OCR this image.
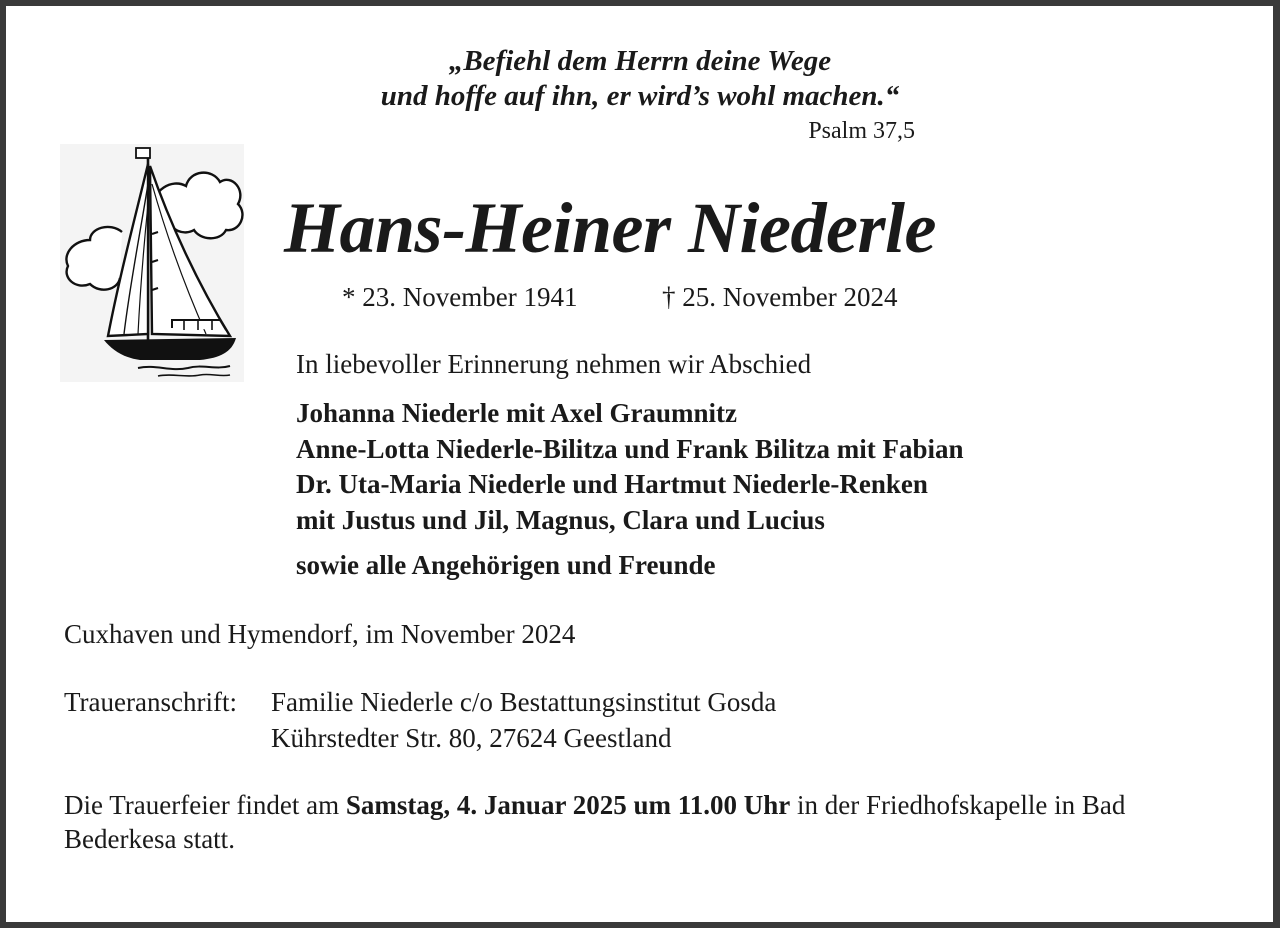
„Befiehl dem Herrn deine Wege
und hoffe auf ihn, er wird’s wohl machen.“
Psalm 37,5
Hans-Heiner Niederle
* 23. November 1941	† 25. November 2024
In liebevoller Erinnerung nehmen wir Abschied
Johanna Niederle mit Axel Graumnitz
Anne-Lotta Niederle-Bilitza und Frank Bilitza mit Fabian
Dr. Uta-Maria Niederle und Hartmut Niederle-Renken
mit Justus und Jil, Magnus, Clara und Lucius
sowie alle Angehörigen und Freunde
Cuxhaven und Hymendorf, im November 2024
Traueranschrift: Familie Niederle c/o Bestattungsinstitut Gosda
Kührstedter Str. 80, 27624 Geestland
Die Trauerfeier findet am Samstag, 4. Januar 2025 um 11.00 Uhr in der Friedhofskapelle in Bad Bederkesa statt.
